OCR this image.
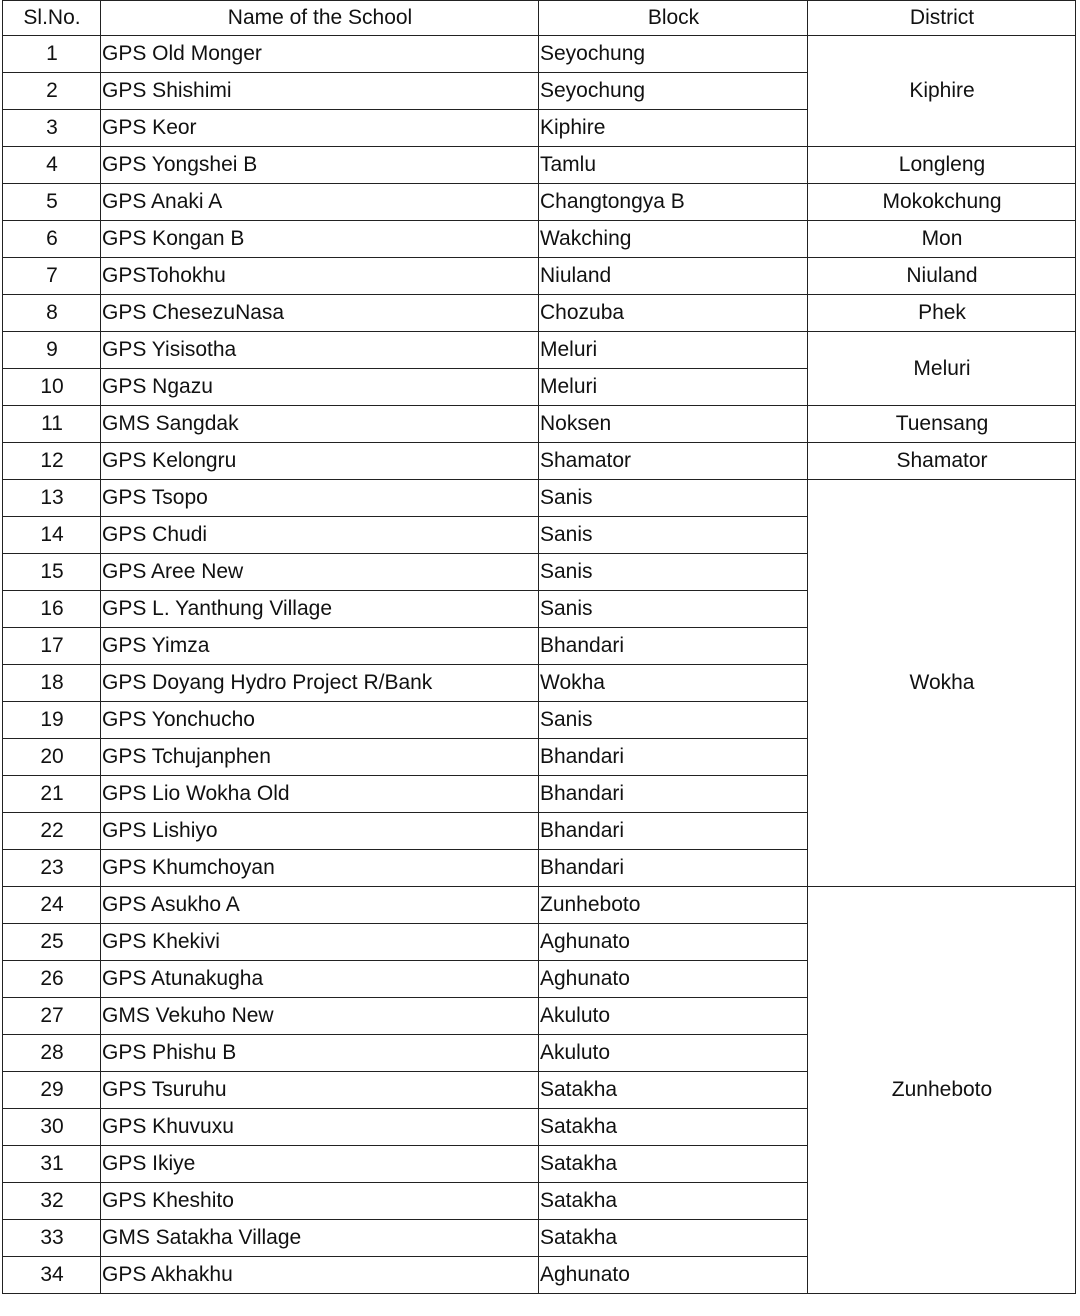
Sl.No.	Name of the School	Block	District
1	GPS Old Monger	Seyochung	Kiphire
2	GPS Shishimi	Seyochung	
3	GPS Keor	Kiphire	
4	GPS Yongshei B	Tamlu	Longleng
5	GPS Anaki A	Changtongya B	Mokokchung
6	GPS Kongan B	Wakching	Mon
7	GPSTohokhu	Niuland	Niuland
8	GPS ChesezuNasa	Chozuba	Phek
9	GPS Yisisotha	Meluri	Meluri
10	GPS Ngazu	Meluri	
11	GMS Sangdak	Noksen	Tuensang
12	GPS Kelongru	Shamator	Shamator
13	GPS Tsopo	Sanis	Wokha
14	GPS Chudi	Sanis	
15	GPS Aree New	Sanis	
16	GPS L. Yanthung Village	Sanis	
17	GPS Yimza	Bhandari	
18	GPS Doyang Hydro Project R/Bank	Wokha	
19	GPS Yonchucho	Sanis	
20	GPS Tchujanphen	Bhandari	
21	GPS Lio Wokha Old	Bhandari	
22	GPS Lishiyo	Bhandari	
23	GPS Khumchoyan	Bhandari	
24	GPS Asukho A	Zunheboto	Zunheboto
25	GPS Khekivi	Aghunato	
26	GPS Atunakugha	Aghunato	
27	GMS Vekuho New	Akuluto	
28	GPS Phishu B	Akuluto	
29	GPS Tsuruhu	Satakha	
30	GPS Khuvuxu	Satakha	
31	GPS Ikiye	Satakha	
32	GPS Kheshito	Satakha	
33	GMS Satakha Village	Satakha	
34	GPS Akhakhu	Aghunato	
